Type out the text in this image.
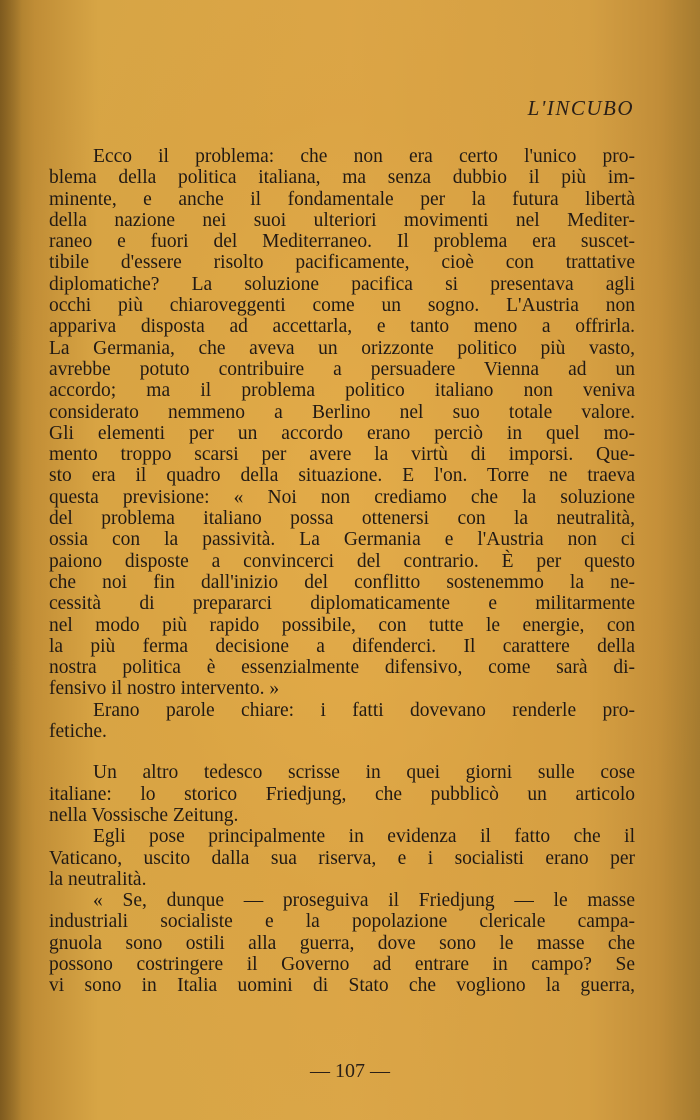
L'INCUBO
Ecco il problema: che non era certo l'unico pro-
blema della politica italiana, ma senza dubbio il più im-
minente, e anche il fondamentale per la futura libertà
della nazione nei suoi ulteriori movimenti nel Mediter-
raneo e fuori del Mediterraneo. Il problema era suscet-
tibile d'essere risolto pacificamente, cioè con trattative
diplomatiche? La soluzione pacifica si presentava agli
occhi più chiaroveggenti come un sogno. L'Austria non
appariva disposta ad accettarla, e tanto meno a offrirla.
La Germania, che aveva un orizzonte politico più vasto,
avrebbe potuto contribuire a persuadere Vienna ad un
accordo; ma il problema politico italiano non veniva
considerato nemmeno a Berlino nel suo totale valore.
Gli elementi per un accordo erano perciò in quel mo-
mento troppo scarsi per avere la virtù di imporsi. Que-
sto era il quadro della situazione. E l'on. Torre ne traeva
questa previsione: « Noi non crediamo che la soluzione
del problema italiano possa ottenersi con la neutralità,
ossia con la passività. La Germania e l'Austria non ci
paiono disposte a convincerci del contrario. È per questo
che noi fin dall'inizio del conflitto sostenemmo la ne-
cessità di prepararci diplomaticamente e militarmente
nel modo più rapido possibile, con tutte le energie, con
la più ferma decisione a difenderci. Il carattere della
nostra politica è essenzialmente difensivo, come sarà di-
fensivo il nostro intervento. »
Erano parole chiare: i fatti dovevano renderle pro-
fetiche.
Un altro tedesco scrisse in quei giorni sulle cose
italiane: lo storico Friedjung, che pubblicò un articolo
nella Vossische Zeitung.
Egli pose principalmente in evidenza il fatto che il
Vaticano, uscito dalla sua riserva, e i socialisti erano per
la neutralità.
« Se, dunque — proseguiva il Friedjung — le masse
industriali socialiste e la popolazione clericale campa-
gnuola sono ostili alla guerra, dove sono le masse che
possono costringere il Governo ad entrare in campo? Se
vi sono in Italia uomini di Stato che vogliono la guerra,
— 107 —
